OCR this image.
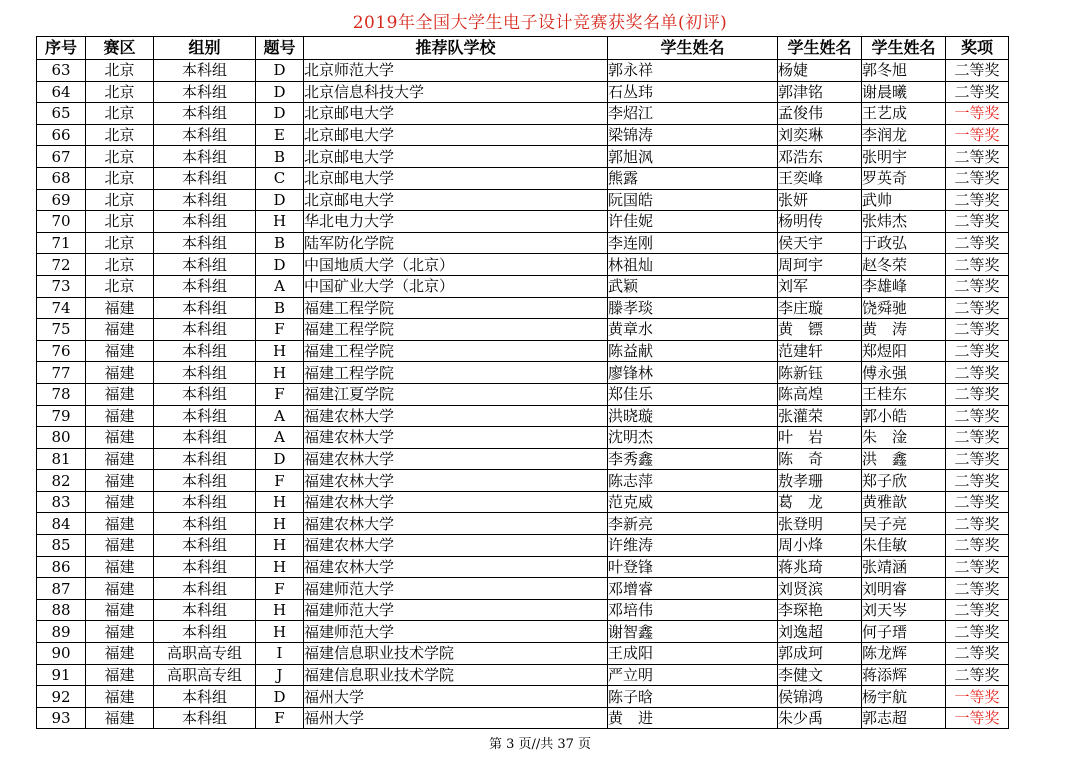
2019年全国大学生电子设计竞赛获奖名单(初评)
序号	赛区	组别	题号	推荐队学校	学生姓名	学生姓名	学生姓名	奖项
63	北京	本科组	D	北京师范大学	郭永祥	杨婕	郭冬旭	二等奖
64	北京	本科组	D	北京信息科技大学	石丛玮	郭津铭	谢晨曦	二等奖
65	北京	本科组	D	北京邮电大学	李炤江	孟俊伟	王艺成	一等奖
66	北京	本科组	E	北京邮电大学	梁锦涛	刘奕琳	李润龙	一等奖
67	北京	本科组	B	北京邮电大学	郭旭沨	邓浩东	张明宇	二等奖
68	北京	本科组	C	北京邮电大学	熊露	王奕峰	罗英奇	二等奖
69	北京	本科组	D	北京邮电大学	阮国皓	张妍	武帅	二等奖
70	北京	本科组	H	华北电力大学	许佳妮	杨明传	张炜杰	二等奖
71	北京	本科组	B	陆军防化学院	李连刚	侯天宇	于政弘	二等奖
72	北京	本科组	D	中国地质大学（北京）	林祖灿	周珂宇	赵冬荣	二等奖
73	北京	本科组	A	中国矿业大学（北京）	武颖	刘军	李雄峰	二等奖
74	福建	本科组	B	福建工程学院	滕孝琰	李庄璇	饶舜驰	二等奖
75	福建	本科组	F	福建工程学院	黄章水	黄　镖	黄　涛	二等奖
76	福建	本科组	H	福建工程学院	陈益献	范建轩	郑煜阳	二等奖
77	福建	本科组	H	福建工程学院	廖锋林	陈新钰	傅永强	二等奖
78	福建	本科组	F	福建江夏学院	郑佳乐	陈高煌	王桂东	二等奖
79	福建	本科组	A	福建农林大学	洪晓璇	张灌荣	郭小皓	二等奖
80	福建	本科组	A	福建农林大学	沈明杰	叶　岩	朱　淦	二等奖
81	福建	本科组	D	福建农林大学	李秀鑫	陈　奇	洪　鑫	二等奖
82	福建	本科组	F	福建农林大学	陈志萍	敖孝珊	郑子欣	二等奖
83	福建	本科组	H	福建农林大学	范克威	葛　龙	黄雅歆	二等奖
84	福建	本科组	H	福建农林大学	李新亮	张登明	吴子亮	二等奖
85	福建	本科组	H	福建农林大学	许维涛	周小烽	朱佳敏	二等奖
86	福建	本科组	H	福建农林大学	叶登锋	蒋兆琦	张靖涵	二等奖
87	福建	本科组	F	福建师范大学	邓增睿	刘贤滨	刘明睿	二等奖
88	福建	本科组	H	福建师范大学	邓培伟	李琛艳	刘天岑	二等奖
89	福建	本科组	H	福建师范大学	谢智鑫	刘逸超	何子瑨	二等奖
90	福建	高职高专组	I	福建信息职业技术学院	王成阳	郭成珂	陈龙辉	二等奖
91	福建	高职高专组	J	福建信息职业技术学院	严立明	李健文	蒋添辉	二等奖
92	福建	本科组	D	福州大学	陈子晗	侯锦鸿	杨宇航	一等奖
93	福建	本科组	F	福州大学	黄　进	朱少禹	郭志超	一等奖
第 3 页//共 37 页
